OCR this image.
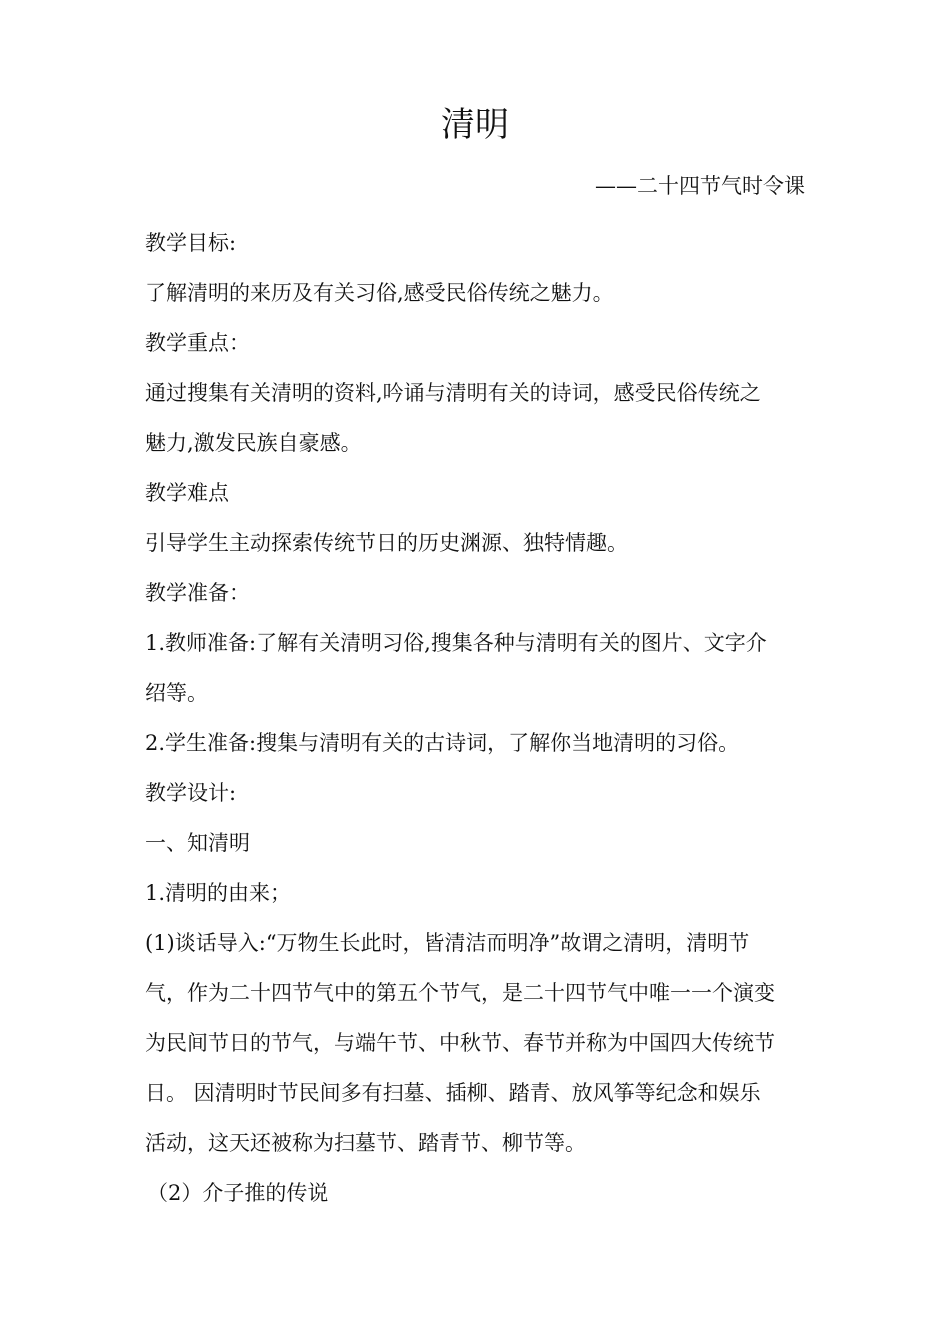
清明

——二十四节气时令课

教学目标:
了解清明的来历及有关习俗,感受民俗传统之魅力。
教学重点：
通过搜集有关清明的资料,吟诵与清明有关的诗词，感受民俗传统之
魅力,激发民族自豪感。
教学难点
引导学生主动探索传统节日的历史渊源、独特情趣。
教学准备：
1.教师准备:了解有关清明习俗,搜集各种与清明有关的图片、文字介
绍等。
2.学生准备:搜集与清明有关的古诗词，了解你当地清明的习俗。
教学设计:
一、知清明
1.清明的由来；
(1)谈话导入:“万物生长此时，皆清洁而明净”故谓之清明，清明节
气，作为二十四节气中的第五个节气，是二十四节气中唯一一个演变
为民间节日的节气，与端午节、中秋节、春节并称为中国四大传统节
日。 因清明时节民间多有扫墓、插柳、踏青、放风筝等纪念和娱乐
活动，这天还被称为扫墓节、踏青节、柳节等。
（2）介子推的传说
